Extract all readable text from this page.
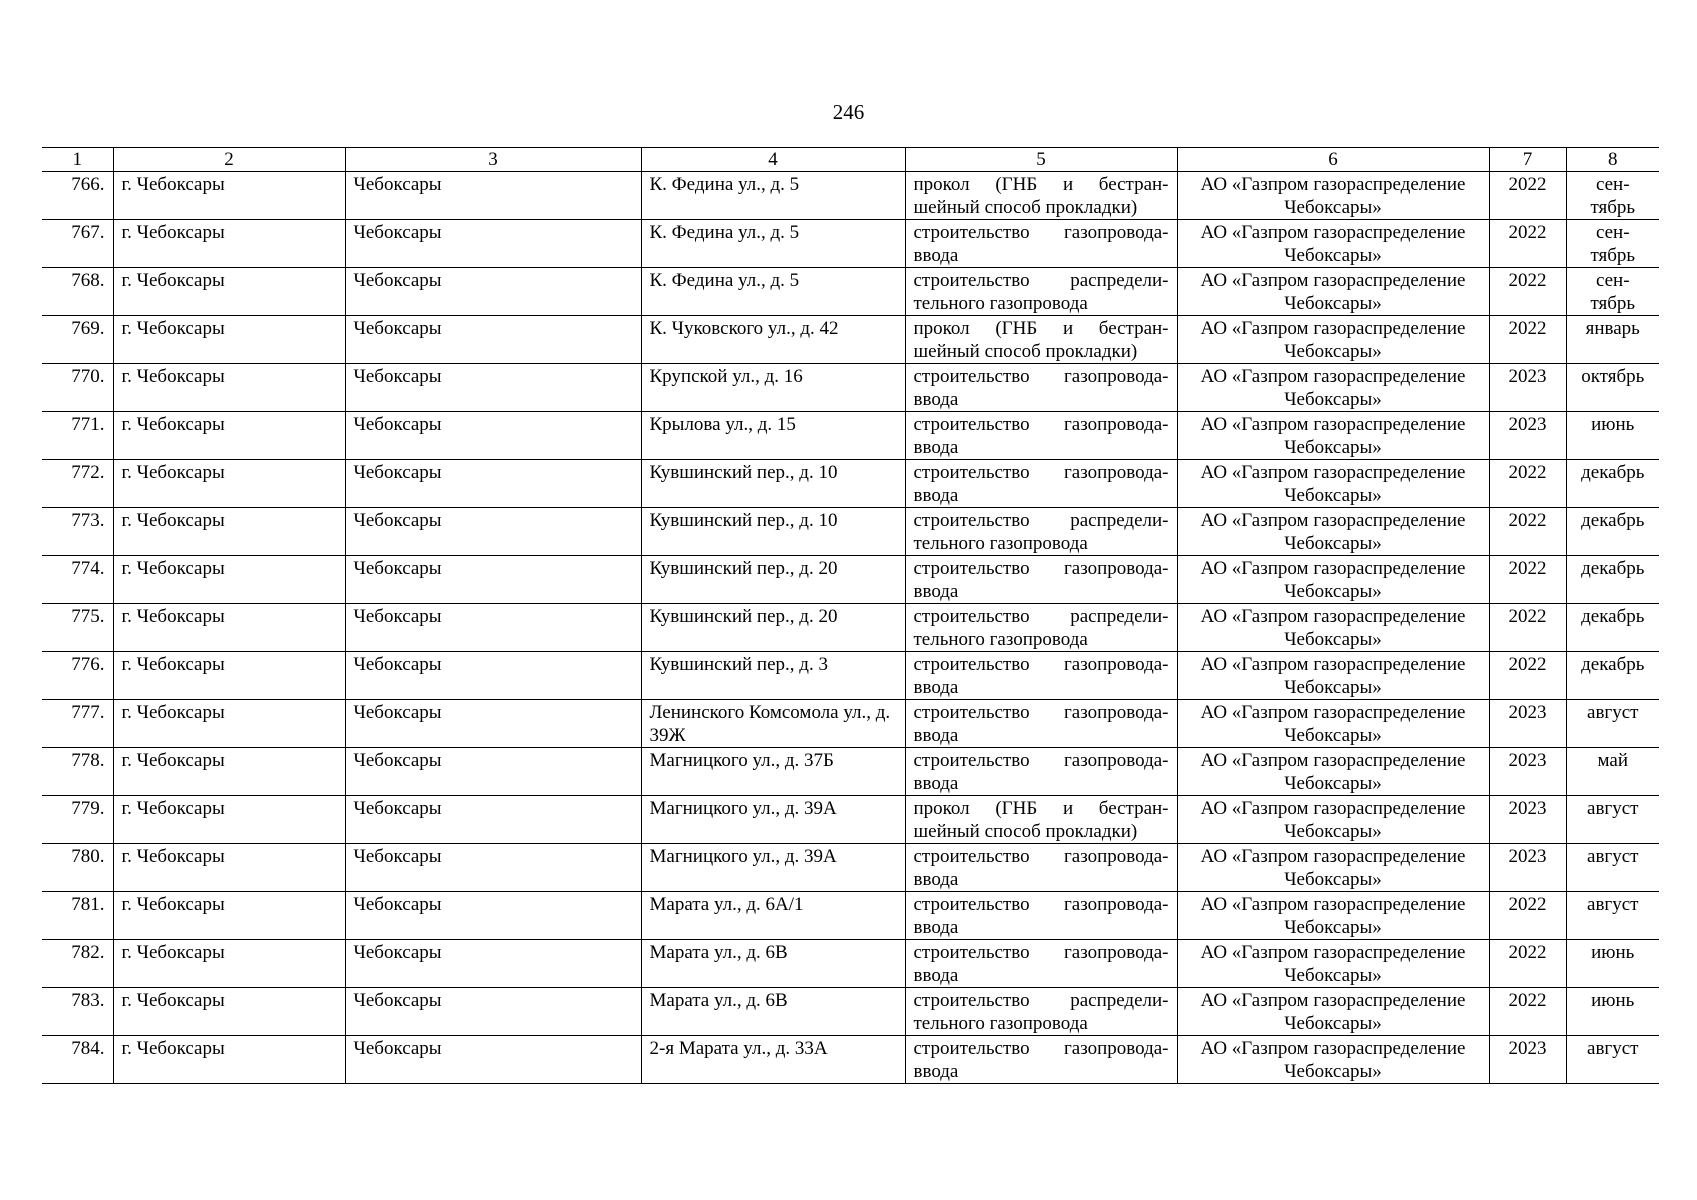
246
1	2	3	4	5	6	7	8
766.	г. Чебоксары	Чебоксары	К. Федина ул., д. 5	прокол (ГНБ и бестран-шейный способ прокладки)	АО «Газпром газораспределение Чебоксары»	2022	сен-тябрь
767.	г. Чебоксары	Чебоксары	К. Федина ул., д. 5	строительство газопровода-ввода	АО «Газпром газораспределение Чебоксары»	2022	сен-тябрь
768.	г. Чебоксары	Чебоксары	К. Федина ул., д. 5	строительство распредели-тельного газопровода	АО «Газпром газораспределение Чебоксары»	2022	сен-тябрь
769.	г. Чебоксары	Чебоксары	К. Чуковского ул., д. 42	прокол (ГНБ и бестран-шейный способ прокладки)	АО «Газпром газораспределение Чебоксары»	2022	январь
770.	г. Чебоксары	Чебоксары	Крупской ул., д. 16	строительство газопровода-ввода	АО «Газпром газораспределение Чебоксары»	2023	октябрь
771.	г. Чебоксары	Чебоксары	Крылова ул., д. 15	строительство газопровода-ввода	АО «Газпром газораспределение Чебоксары»	2023	июнь
772.	г. Чебоксары	Чебоксары	Кувшинский пер., д. 10	строительство газопровода-ввода	АО «Газпром газораспределение Чебоксары»	2022	декабрь
773.	г. Чебоксары	Чебоксары	Кувшинский пер., д. 10	строительство распредели-тельного газопровода	АО «Газпром газораспределение Чебоксары»	2022	декабрь
774.	г. Чебоксары	Чебоксары	Кувшинский пер., д. 20	строительство газопровода-ввода	АО «Газпром газораспределение Чебоксары»	2022	декабрь
775.	г. Чебоксары	Чебоксары	Кувшинский пер., д. 20	строительство распредели-тельного газопровода	АО «Газпром газораспределение Чебоксары»	2022	декабрь
776.	г. Чебоксары	Чебоксары	Кувшинский пер., д. 3	строительство газопровода-ввода	АО «Газпром газораспределение Чебоксары»	2022	декабрь
777.	г. Чебоксары	Чебоксары	Ленинского Комсомола ул., д. 39Ж	строительство газопровода-ввода	АО «Газпром газораспределение Чебоксары»	2023	август
778.	г. Чебоксары	Чебоксары	Магницкого ул., д. 37Б	строительство газопровода-ввода	АО «Газпром газораспределение Чебоксары»	2023	май
779.	г. Чебоксары	Чебоксары	Магницкого ул., д. 39А	прокол (ГНБ и бестран-шейный способ прокладки)	АО «Газпром газораспределение Чебоксары»	2023	август
780.	г. Чебоксары	Чебоксары	Магницкого ул., д. 39А	строительство газопровода-ввода	АО «Газпром газораспределение Чебоксары»	2023	август
781.	г. Чебоксары	Чебоксары	Марата ул., д. 6А/1	строительство газопровода-ввода	АО «Газпром газораспределение Чебоксары»	2022	август
782.	г. Чебоксары	Чебоксары	Марата ул., д. 6В	строительство газопровода-ввода	АО «Газпром газораспределение Чебоксары»	2022	июнь
783.	г. Чебоксары	Чебоксары	Марата ул., д. 6В	строительство распредели-тельного газопровода	АО «Газпром газораспределение Чебоксары»	2022	июнь
784.	г. Чебоксары	Чебоксары	2-я Марата ул., д. 33А	строительство газопровода-ввода	АО «Газпром газораспределение Чебоксары»	2023	август
